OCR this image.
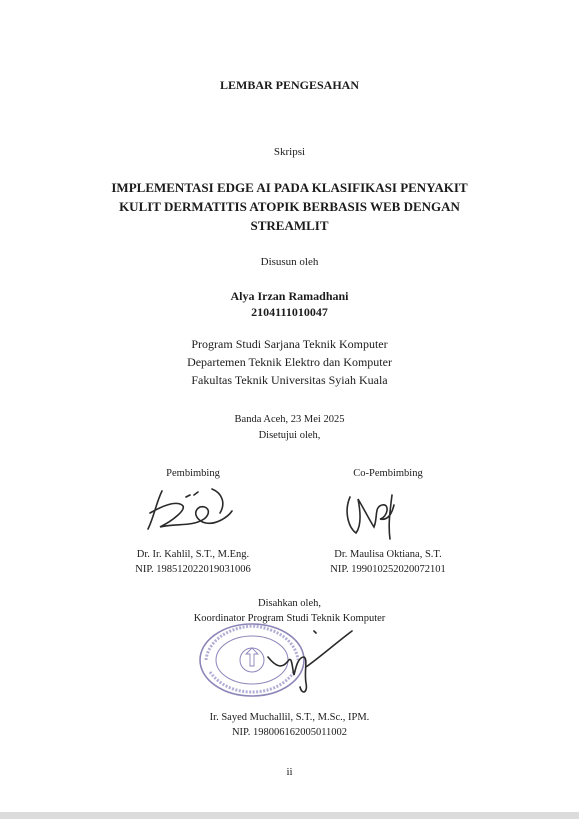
LEMBAR PENGESAHAN
Skripsi
IMPLEMENTASI EDGE AI PADA KLASIFIKASI PENYAKIT
KULIT DERMATITIS ATOPIK BERBASIS WEB DENGAN
STREAMLIT
Disusun oleh
Alya Irzan Ramadhani
2104111010047
Program Studi Sarjana Teknik Komputer
Departemen Teknik Elektro dan Komputer
Fakultas Teknik Universitas Syiah Kuala
Banda Aceh, 23 Mei 2025
Disetujui oleh,
Pembimbing
Dr. Ir. Kahlil, S.T., M.Eng.
NIP. 198512022019031006
Co-Pembimbing
Dr. Maulisa Oktiana, S.T.
NIP. 199010252020072101
Disahkan oleh,
Koordinator Program Studi Teknik Komputer
Ir. Sayed Muchallil, S.T., M.Sc., IPM.
NIP. 198006162005011002
ii
